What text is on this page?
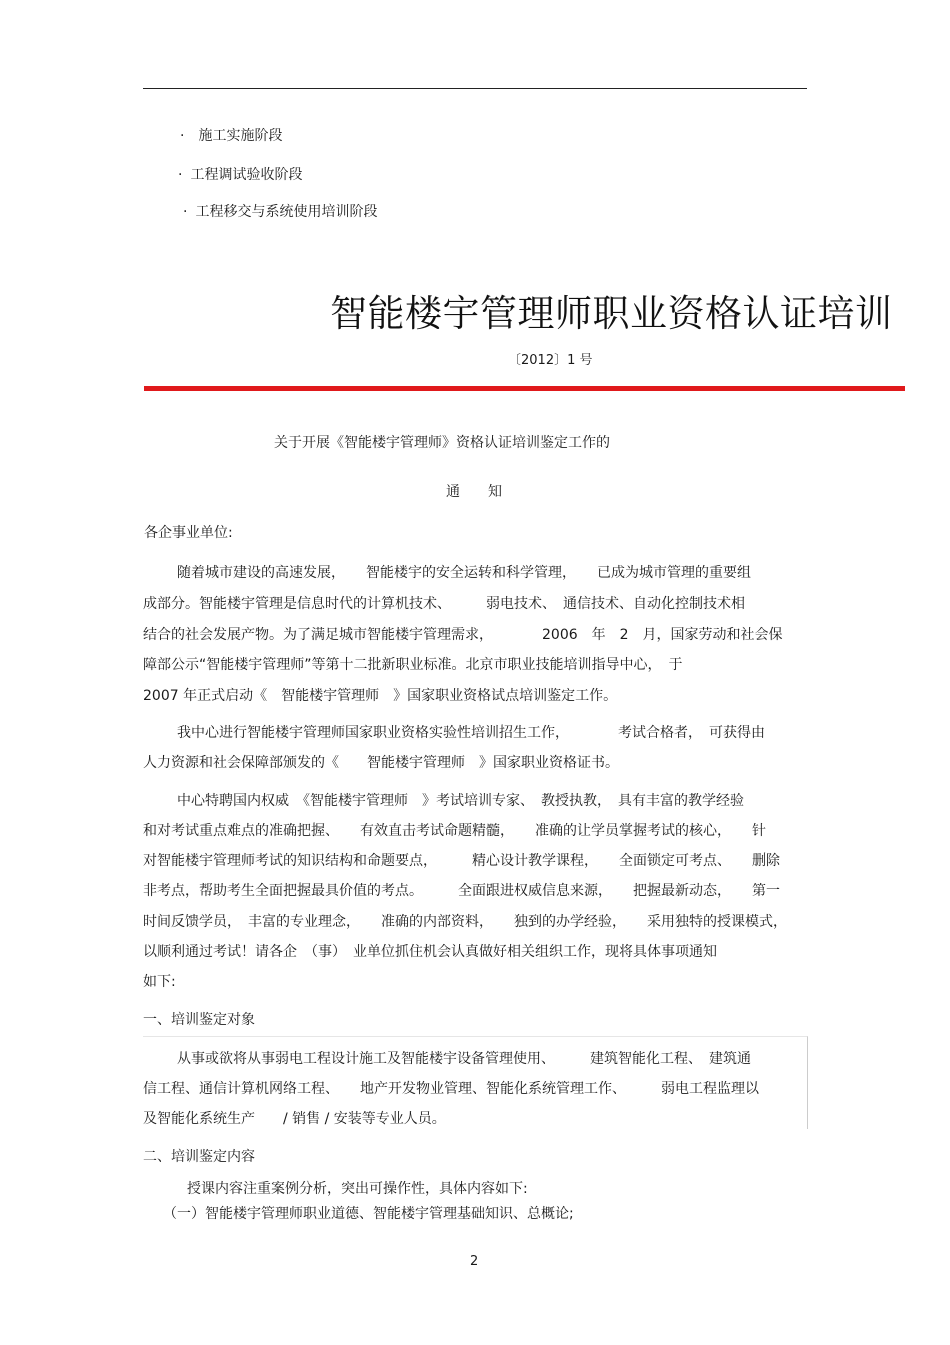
· 施工实施阶段
· 工程调试验收阶段
· 工程移交与系统使用培训阶段
智能楼宇管理师职业资格认证培训
〔2012〕1 号
关于开展《智能楼宇管理师》资格认证培训鉴定工作的
通　　知
各企事业单位:
随着城市建设的高速发展，　　智能楼宇的安全运转和科学管理，　　已成为城市管理的重要组
成部分。智能楼宇管理是信息时代的计算机技术、　　　弱电技术、　通信技术、自动化控制技术相
结合的社会发展产物。为了满足城市智能楼宇管理需求，　　　　2006　年　2　月，国家劳动和社会保
障部公示“智能楼宇管理师”等第十二批新职业标准。北京市职业技能培训指导中心，　于
2007 年正式启动《　智能楼宇管理师　》国家职业资格试点培训鉴定工作。
我中心进行智能楼宇管理师国家职业资格实验性培训招生工作，　　　　考试合格者，　可获得由
人力资源和社会保障部颁发的《　　智能楼宇管理师　》国家职业资格证书。
中心特聘国内权威　《智能楼宇管理师　》考试培训专家、　教授执教，　具有丰富的教学经验
和对考试重点难点的准确把握、　　有效直击考试命题精髓，　　准确的让学员掌握考试的核心，　　针
对智能楼宇管理师考试的知识结构和命题要点，　　　精心设计教学课程，　　全面锁定可考点、　　删除
非考点，帮助考生全面把握最具价值的考点。　　　全面跟进权威信息来源，　　把握最新动态，　　第一
时间反馈学员，　丰富的专业理念，　　准确的内部资料，　　独到的办学经验，　　采用独特的授课模式，
以顺利通过考试！请各企　（事）　业单位抓住机会认真做好相关组织工作，现将具体事项通知
如下:
一、培训鉴定对象
从事或欲将从事弱电工程设计施工及智能楼宇设备管理使用、　　　建筑智能化工程、　建筑通
信工程、通信计算机网络工程、　　地产开发物业管理、智能化系统管理工作、　　　弱电工程监理以
及智能化系统生产　　/ 销售 / 安装等专业人员。
二、培训鉴定内容
授课内容注重案例分析，突出可操作性，具体内容如下:
（一）智能楼宇管理师职业道德、智能楼宇管理基础知识、总概论;
2
